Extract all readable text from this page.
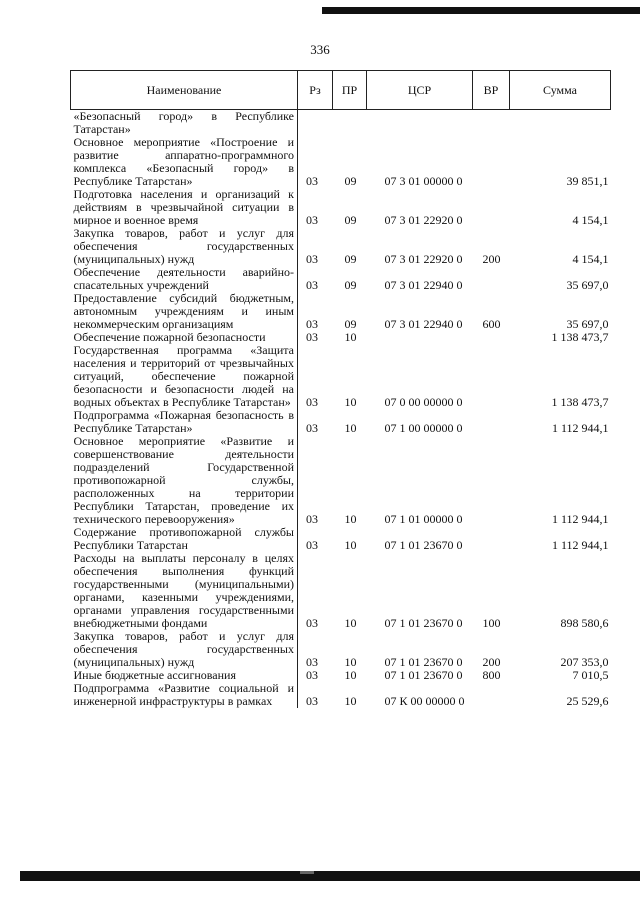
336
Наименование	Рз	ПР	ЦСР	ВР	Сумма
«Безопасный город» в Республике Татарстан»					
Основное мероприятие «Построение и развитие аппаратно-программного комплекса «Безопасный город» в Республике Татарстан»	03	09	07 3 01 00000 0		39 851,1
Подготовка населения и организаций к действиям в чрезвычайной ситуации в мирное и военное время	03	09	07 3 01 22920 0		4 154,1
Закупка товаров, работ и услуг для обеспечения государственных (муниципальных) нужд	03	09	07 3 01 22920 0	200	4 154,1
Обеспечение деятельности аварийно-спасательных учреждений	03	09	07 3 01 22940 0		35 697,0
Предоставление субсидий бюджетным, автономным учреждениям и иным некоммерческим организациям	03	09	07 3 01 22940 0	600	35 697,0
Обеспечение пожарной безопасности	03	10			1 138 473,7
Государственная программа «Защита населения и территорий от чрезвычайных ситуаций, обеспечение пожарной безопасности и безопасности людей на водных объектах в Республике Татарстан»	03	10	07 0 00 00000 0		1 138 473,7
Подпрограмма «Пожарная безопасность в Республике Татарстан»	03	10	07 1 00 00000 0		1 112 944,1
Основное мероприятие «Развитие и совершенствование деятельности подразделений Государственной противопожарной службы, расположенных на территории Республики Татарстан, проведение их технического перевооружения»	03	10	07 1 01 00000 0		1 112 944,1
Содержание противопожарной службы Республики Татарстан	03	10	07 1 01 23670 0		1 112 944,1
Расходы на выплаты персоналу в целях обеспечения выполнения функций государственными (муниципальными) органами, казенными учреждениями, органами управления государственными внебюджетными фондами	03	10	07 1 01 23670 0	100	898 580,6
Закупка товаров, работ и услуг для обеспечения государственных (муниципальных) нужд	03	10	07 1 01 23670 0	200	207 353,0
Иные бюджетные ассигнования	03	10	07 1 01 23670 0	800	7 010,5
Подпрограмма «Развитие социальной и инженерной инфраструктуры в рамках	03	10	07 К 00 00000 0		25 529,6
